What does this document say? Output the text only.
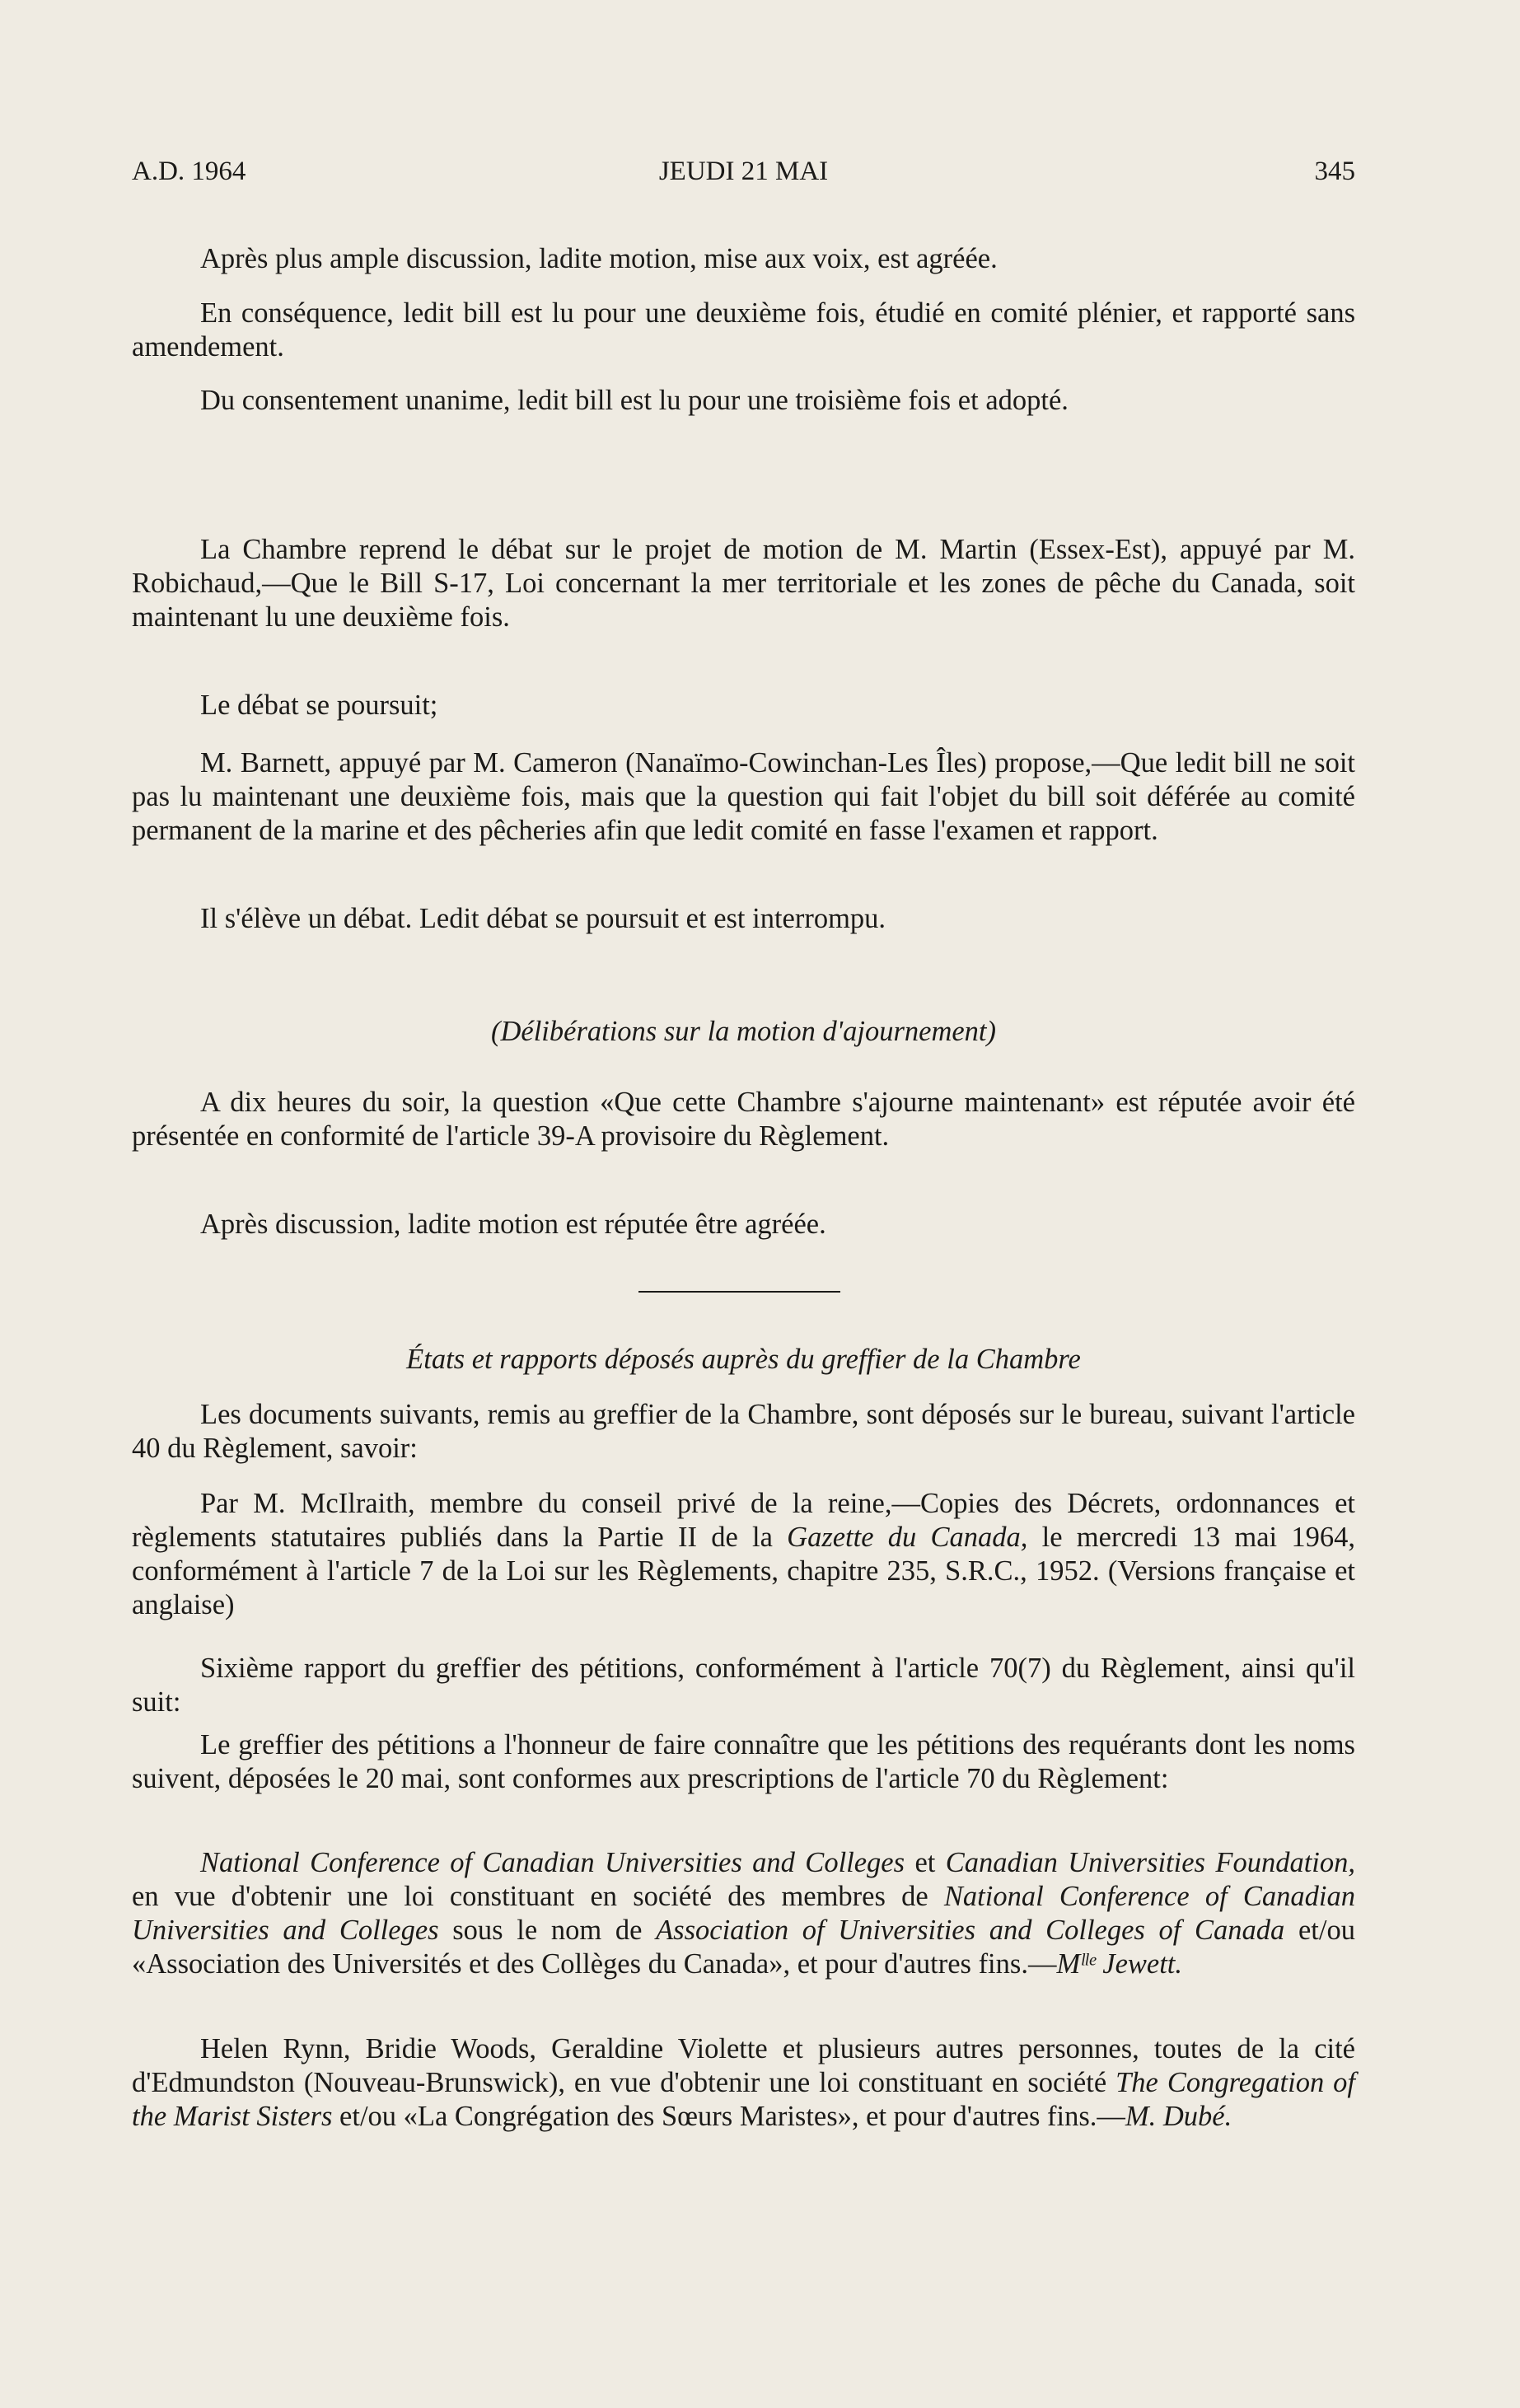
A.D. 1964	JEUDI 21 MAI	345

Après plus ample discussion, ladite motion, mise aux voix, est agréée.

En conséquence, ledit bill est lu pour une deuxième fois, étudié en comité plénier, et rapporté sans amendement.

Du consentement unanime, ledit bill est lu pour une troisième fois et adopté.

La Chambre reprend le débat sur le projet de motion de M. Martin (Essex-Est), appuyé par M. Robichaud,—Que le Bill S-17, Loi concernant la mer territoriale et les zones de pêche du Canada, soit maintenant lu une deuxième fois.

Le débat se poursuit;

M. Barnett, appuyé par M. Cameron (Nanaïmo-Cowinchan-Les Îles) propose,—Que ledit bill ne soit pas lu maintenant une deuxième fois, mais que la question qui fait l'objet du bill soit déférée au comité permanent de la marine et des pêcheries afin que ledit comité en fasse l'examen et rapport.

Il s'élève un débat. Ledit débat se poursuit et est interrompu.

(Délibérations sur la motion d'ajournement)

A dix heures du soir, la question «Que cette Chambre s'ajourne maintenant» est réputée avoir été présentée en conformité de l'article 39-A provisoire du Règlement.

Après discussion, ladite motion est réputée être agréée.

États et rapports déposés auprès du greffier de la Chambre

Les documents suivants, remis au greffier de la Chambre, sont déposés sur le bureau, suivant l'article 40 du Règlement, savoir:

Par M. McIlraith, membre du conseil privé de la reine,—Copies des Décrets, ordonnances et règlements statutaires publiés dans la Partie II de la Gazette du Canada, le mercredi 13 mai 1964, conformément à l'article 7 de la Loi sur les Règlements, chapitre 235, S.R.C., 1952. (Versions française et anglaise)

Sixième rapport du greffier des pétitions, conformément à l'article 70(7) du Règlement, ainsi qu'il suit:

Le greffier des pétitions a l'honneur de faire connaître que les pétitions des requérants dont les noms suivent, déposées le 20 mai, sont conformes aux prescriptions de l'article 70 du Règlement:

National Conference of Canadian Universities and Colleges et Canadian Universities Foundation, en vue d'obtenir une loi constituant en société des membres de National Conference of Canadian Universities and Colleges sous le nom de Association of Universities and Colleges of Canada et/ou «Association des Universités et des Collèges du Canada», et pour d'autres fins.—Mˡˡᵉ Jewett.

Helen Rynn, Bridie Woods, Geraldine Violette et plusieurs autres personnes, toutes de la cité d'Edmundston (Nouveau-Brunswick), en vue d'obtenir une loi constituant en société The Congregation of the Marist Sisters et/ou «La Congrégation des Sœurs Maristes», et pour d'autres fins.—M. Dubé.
